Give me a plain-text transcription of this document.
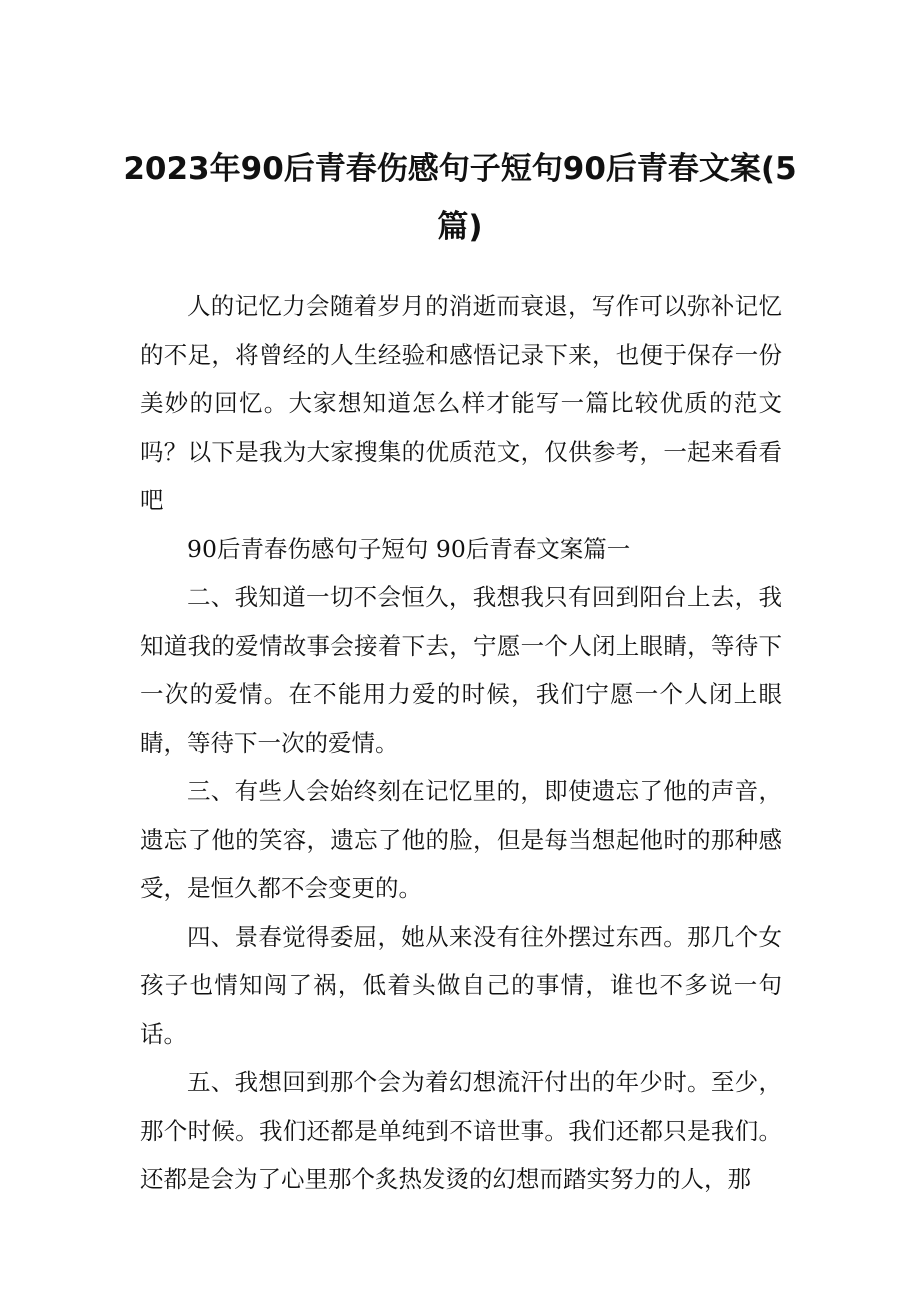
2023年90后青春伤感句子短句90后青春文案(5 篇)

人的记忆力会随着岁月的消逝而衰退，写作可以弥补记忆的不足，将曾经的人生经验和感悟记录下来，也便于保存一份美妙的回忆。大家想知道怎么样才能写一篇比较优质的范文吗？以下是我为大家搜集的优质范文，仅供参考，一起来看看吧

90后青春伤感句子短句 90后青春文案篇一

二、我知道一切不会恒久，我想我只有回到阳台上去，我知道我的爱情故事会接着下去，宁愿一个人闭上眼睛，等待下一次的爱情。在不能用力爱的时候，我们宁愿一个人闭上眼睛，等待下一次的爱情。

三、有些人会始终刻在记忆里的，即使遗忘了他的声音，遗忘了他的笑容，遗忘了他的脸，但是每当想起他时的那种感受，是恒久都不会变更的。

四、景春觉得委屈，她从来没有往外摆过东西。那几个女孩子也情知闯了祸，低着头做自己的事情，谁也不多说一句话。

五、我想回到那个会为着幻想流汗付出的年少时。至少，那个时候。我们还都是单纯到不谙世事。我们还都只是我们。还都是会为了心里那个炙热发烫的幻想而踏实努力的人，那
